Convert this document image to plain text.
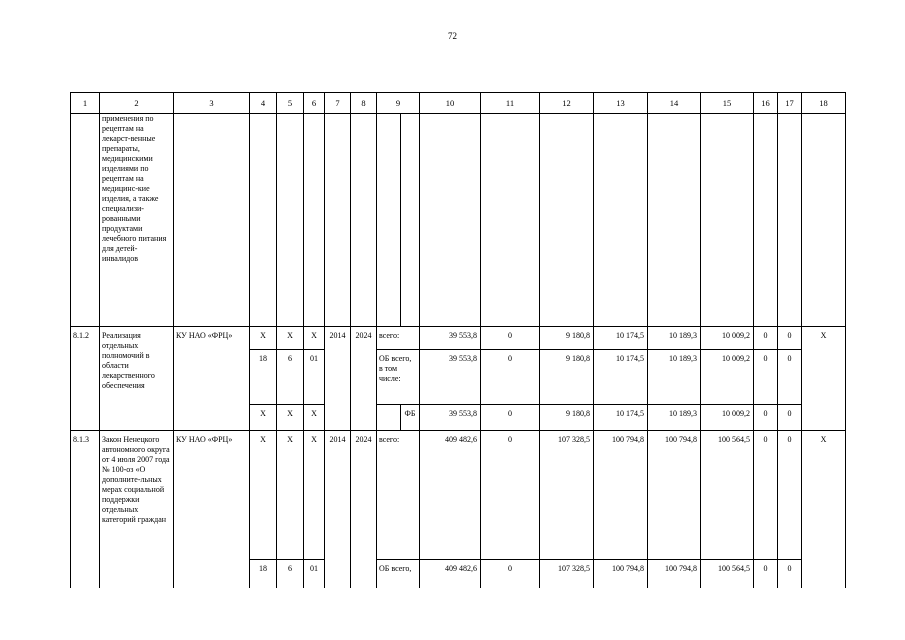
72
1	2	3	4	5	6	7	8	9		10	11	12	13	14	15	16	17	18
	применения по рецептам на лекарст-венные препараты, медицинскими изделиями по рецептам на медицинс-кие изделия, а также специализи-рованными продуктами лечебного питания для детей-инвалидов																	
8.1.2	Реализация отдельных полномочий в области лекарственного обеспечения	КУ НАО «ФРЦ»	Х	Х	Х	2014	2024	всего:		39 553,8	0	9 180,8	10 174,5	10 189,3	10 009,2	0	0	Х
			18	6	01			ОБ всего, в том числе:		39 553,8	0	9 180,8	10 174,5	10 189,3	10 009,2	0	0	
			Х	Х	Х				ФБ	39 553,8	0	9 180,8	10 174,5	10 189,3	10 009,2	0	0	
8.1.3	Закон Ненецкого автономного округа от 4 июля 2007 года № 100-оз «О дополните-льных мерах социальной поддержки отдельных категорий граждан	КУ НАО «ФРЦ»	Х	Х	Х	2014	2024	всего:		409 482,6	0	107 328,5	100 794,8	100 794,8	100 564,5	0	0	Х
			18	6	01			ОБ всего,		409 482,6	0	107 328,5	100 794,8	100 794,8	100 564,5	0	0	
